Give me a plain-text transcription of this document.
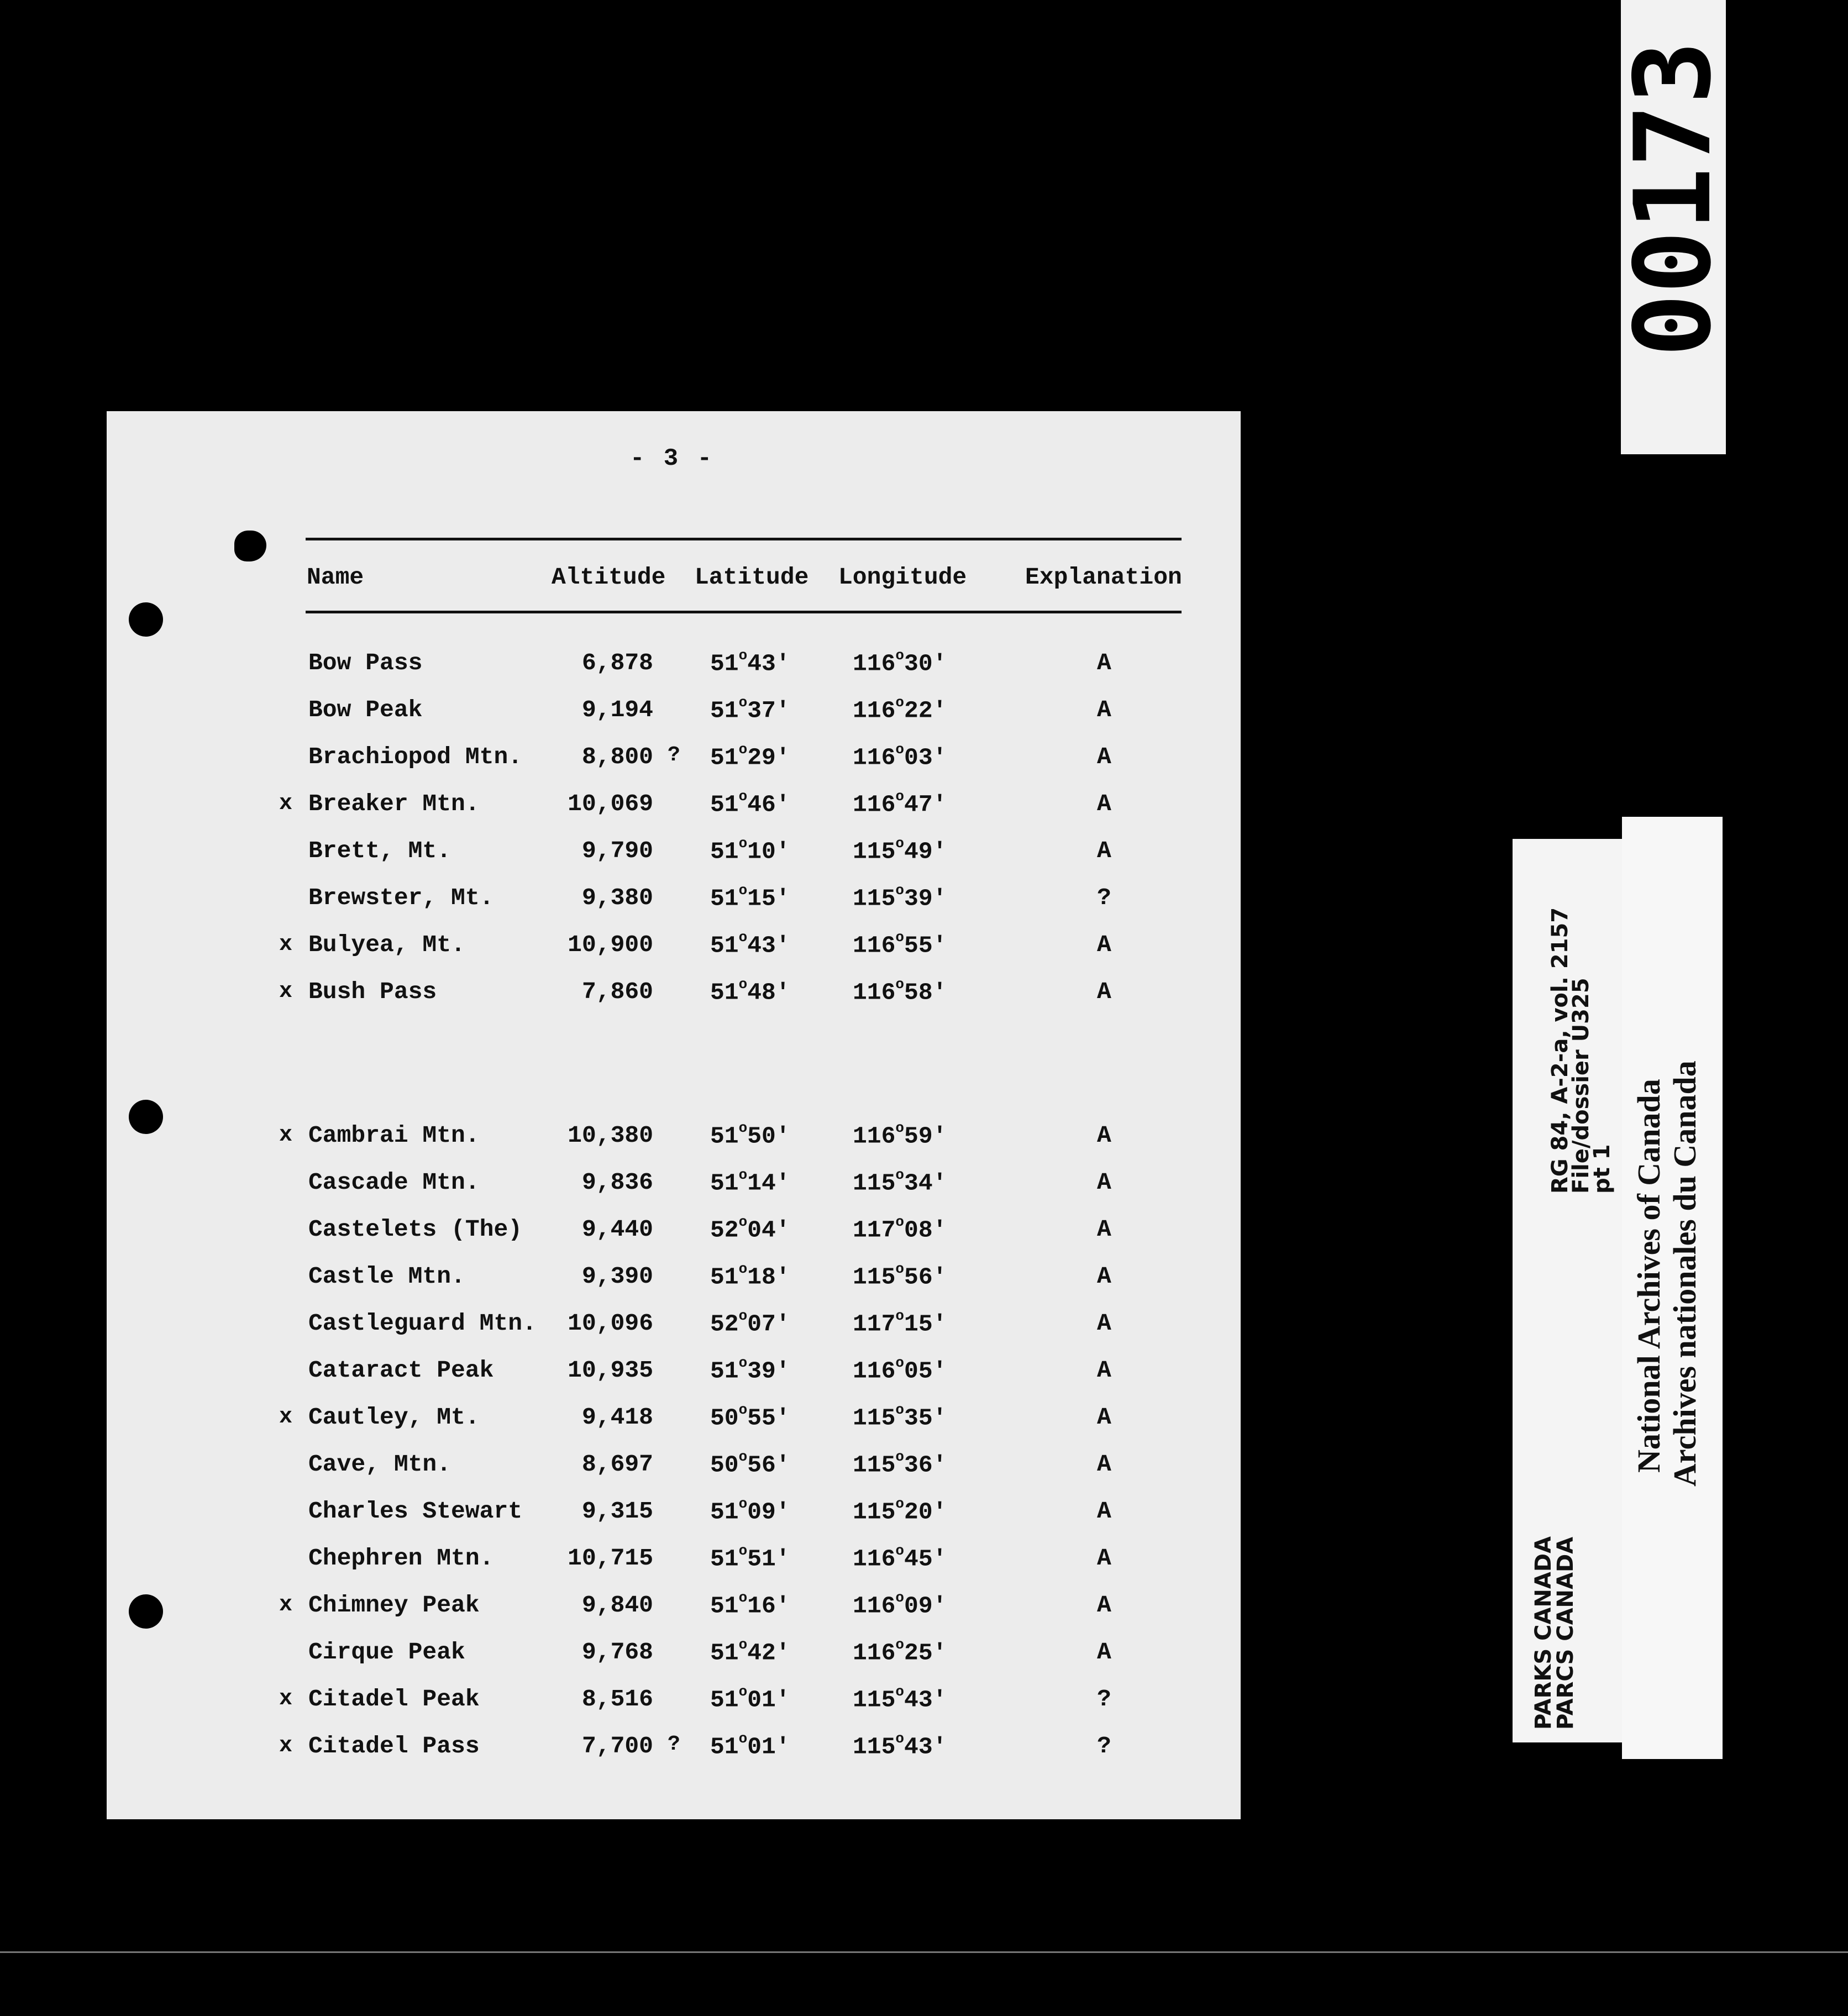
- 3 -
Name	Altitude Latitude Longitude Explanation
Bow Pass	6,878 51$^o$43'	116$^o$30'	A
Bow Peak	9,194 51$^o$37'	116$^o$22'	A
Brachiopod Mtn.	8,800 ? 51$^o$29'	116$^o$03'	A
x Breaker Mtn.	10,069 51$^o$46'	116$^o$47'	A
Brett, Mt.	9,790 51$^o$10'	115$^o$49'	A
Brewster, Mt.	9,380 51$^o$15'	115$^o$39'	?
x Bulyea, Mt.	10,900 51$^o$43'	116$^o$55'	A
x Bush Pass	7,860 51$^o$48'	116$^o$58'	A
x Cambrai Mtn.	10,380 51$^o$50'	116$^o$59'	A
Cascade Mtn.	9,836 51$^o$14'	115$^o$34'	A
Castelets (The)	9,440 52$^o$04'	117$^o$08'	A
Castle Mtn.	9,390 51$^o$18'	115$^o$56'	A
Castleguard Mtn. 10,096 52$^o$07'	117$^o$15'	A
Cataract Peak	10,935 51$^o$39'	116$^o$05'	A
x Cautley, Mt.	9,418 50$^o$55'	115$^o$35'	A
Cave, Mtn.	8,697 50$^o$56'	115$^o$36'	A
Charles Stewart	9,315 51$^o$09'	115$^o$20'	A
Chephren Mtn.	10,715 51$^o$51'	116$^o$45'	A
x Chimney Peak	9,840 51$^o$16'	116$^o$09'	A
Cirque Peak	9,768 51$^o$42'	116$^o$25'	A
x Citadel Peak	8,516 51$^o$01'	115$^o$43'	?
x Citadel Pass	7,700 ? 51$^o$01'	115$^o$43'	?
00173
RG 84, A-2-a, vol. 2157
File/dossier U325
pt 1
PARKS CANADA
PARCS CANADA
National Archives of Canada Archives nationales du Canada
